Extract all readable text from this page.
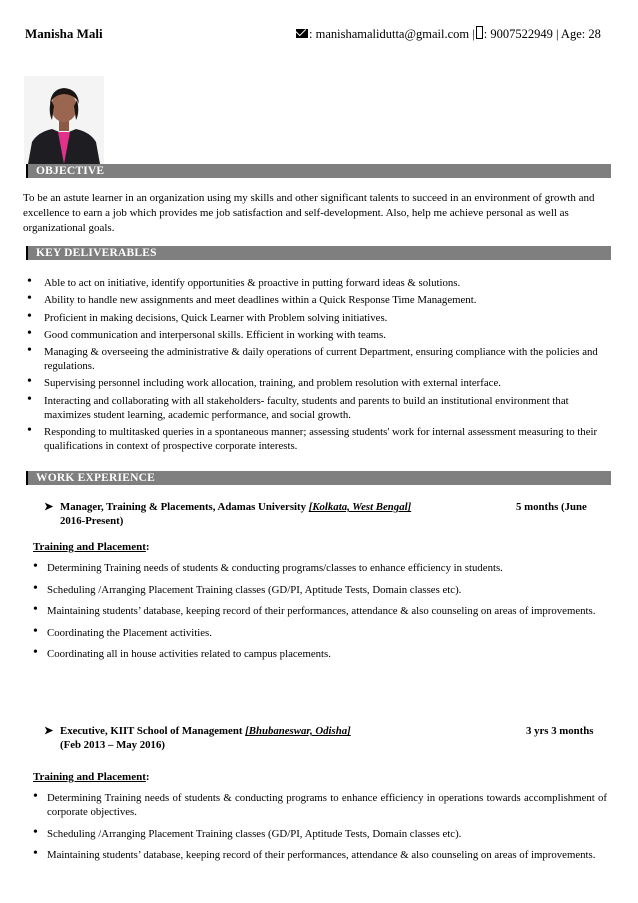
Manisha Mali	: manishamalidutta@gmail.com | : 9007522949 | Age: 28
OBJECTIVE
To be an astute learner in an organization using my skills and other significant talents to succeed in an environment of growth and excellence to earn a job which provides me job satisfaction and self-development. Also, help me achieve personal as well as organizational goals.
KEY DELIVERABLES
• Able to act on initiative, identify opportunities & proactive in putting forward ideas & solutions.
• Ability to handle new assignments and meet deadlines within a Quick Response Time Management.
• Proficient in making decisions, Quick Learner with Problem solving initiatives.
• Good communication and interpersonal skills. Efficient in working with teams.
• Managing & overseeing the administrative & daily operations of current Department, ensuring compliance with the policies and regulations.
• Supervising personnel including work allocation, training, and problem resolution with external interface.
• Interacting and collaborating with all stakeholders- faculty, students and parents to build an institutional environment that maximizes student learning, academic performance, and social growth.
• Responding to multitasked queries in a spontaneous manner; assessing students' work for internal assessment measuring to their qualifications in context of prospective corporate interests.
WORK EXPERIENCE
➤ Manager, Training & Placements, Adamas University [Kolkata, West Bengal]	5 months (June
2016-Present)
Training and Placement:
• Determining Training needs of students & conducting programs/classes to enhance efficiency in students.
• Scheduling /Arranging Placement Training classes (GD/PI, Aptitude Tests, Domain classes etc).
• Maintaining students’ database, keeping record of their performances, attendance & also counseling on areas of improvements.
• Coordinating the Placement activities.
• Coordinating all in house activities related to campus placements.
➤ Executive, KIIT School of Management [Bhubaneswar, Odisha]	3 yrs 3 months
(Feb 2013 – May 2016)
Training and Placement:
• Determining Training needs of students & conducting programs to enhance efficiency in operations towards accomplishment of corporate objectives.
• Scheduling /Arranging Placement Training classes (GD/PI, Aptitude Tests, Domain classes etc).
• Maintaining students’ database, keeping record of their performances, attendance & also counseling on areas of improvements.
